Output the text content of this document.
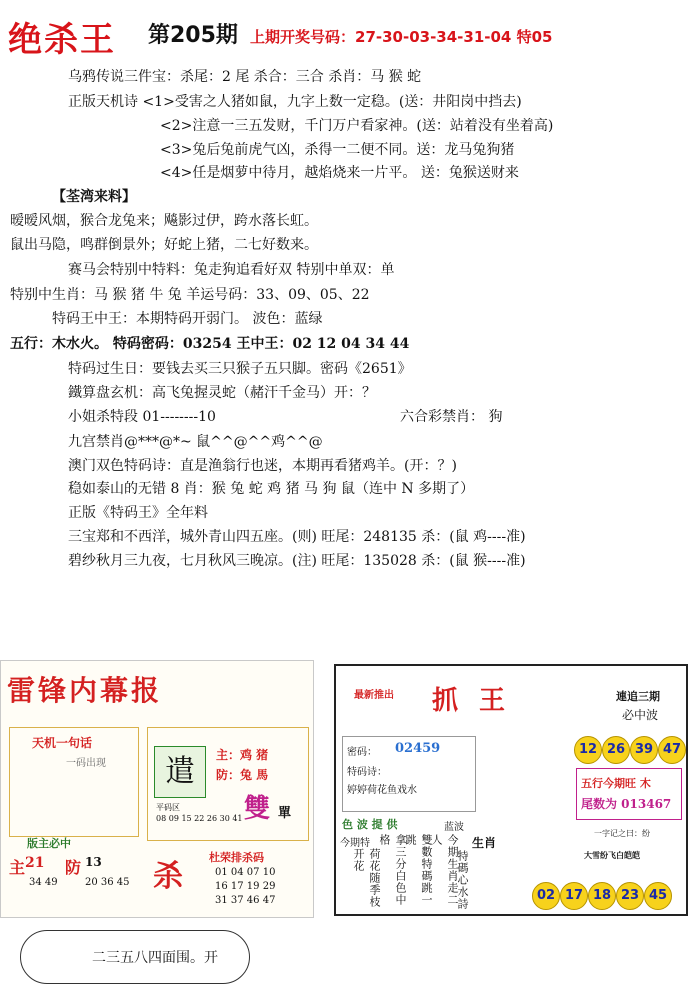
绝杀王 第205期 上期开奖号码：27-30-03-34-31-04 特05
乌鸦传说三件宝：杀尾：2 尾 杀合：三合 杀肖：马 猴 蛇
正版天机诗 <1>受害之人猪如鼠，九字上数一定稳。(送：井阳岗中挡去)
<2>注意一三五发财，千门万户看家神。(送：站着没有坐着高)
<3>兔后兔前虎气凶，杀得一二便不同。送：龙马兔狗猪
<4>任是烟萝中待月，越焰烧来一片平。 送：兔猴送财来
【荃湾来料】
暧暧风烟，猴合龙兔来；飚影过伊，跨水落长虹。
鼠出马隐，鸣群倒景外；好蛇上猪，二七好数来。
赛马会特别中特料：兔走狗追看好双 特别中单双：单
特别中生肖：马 猴 猪 牛 兔 羊运号码：33、09、05、22
特码王中王：本期特码开弱门。 波色：蓝绿
五行：木水火。 特码密码：03254 王中王：02 12 04 34 44
特码过生日：要钱去买三只猴子五只脚。密码《2651》
鐵算盘玄机：高飞兔握灵蛇（赭汗千金马）开：？
小姐杀特段 01--------10	六合彩禁肖： 狗
九宫禁肖@***@*~ 鼠^^@^^鸡^^@
澳门双色特码诗：直是渔翁行也迷，本期再看猪鸡羊。(开：？)
稳如泰山的无错 8 肖：猴 兔 蛇 鸡 猪 马 狗 鼠（连中 N 多期了）
正版《特码王》全年料
三宝郑和不西洋，城外青山四五座。(则) 旺尾：248135 杀：(鼠 鸡----准)
碧纱秋月三九夜，七月秋风三晚凉。(注) 旺尾：135028 杀：(鼠 猴----准)
雷锋内幕报
天机一句话
一码出现	遣	主：鸡 猪
防：兔 馬
平码区
08 09 15 22 26 30 41 雙 單
主 21 防 13
34 49	20 36 45
版主必中
杀
杜荣排杀码
01 04 07 10
16 17 19 29
31 37 46 47
最新推出 抓 王	連追三期
必中波
密码： 02459
特码诗：
婷婷荷花鱼戏水
12 26 39 47
五行今期旺 木
尾数为 013467
色 波 提 供	蓝波
生肖
今期特
荷花随季枝开花	拿三分白色中格	雙數特碼跳一跳	今期生肖走二人
特碼心水詩
一字记之曰：纷
大雪纷飞白皑皑
02 17 18 23 45
二三五八四面围。开
